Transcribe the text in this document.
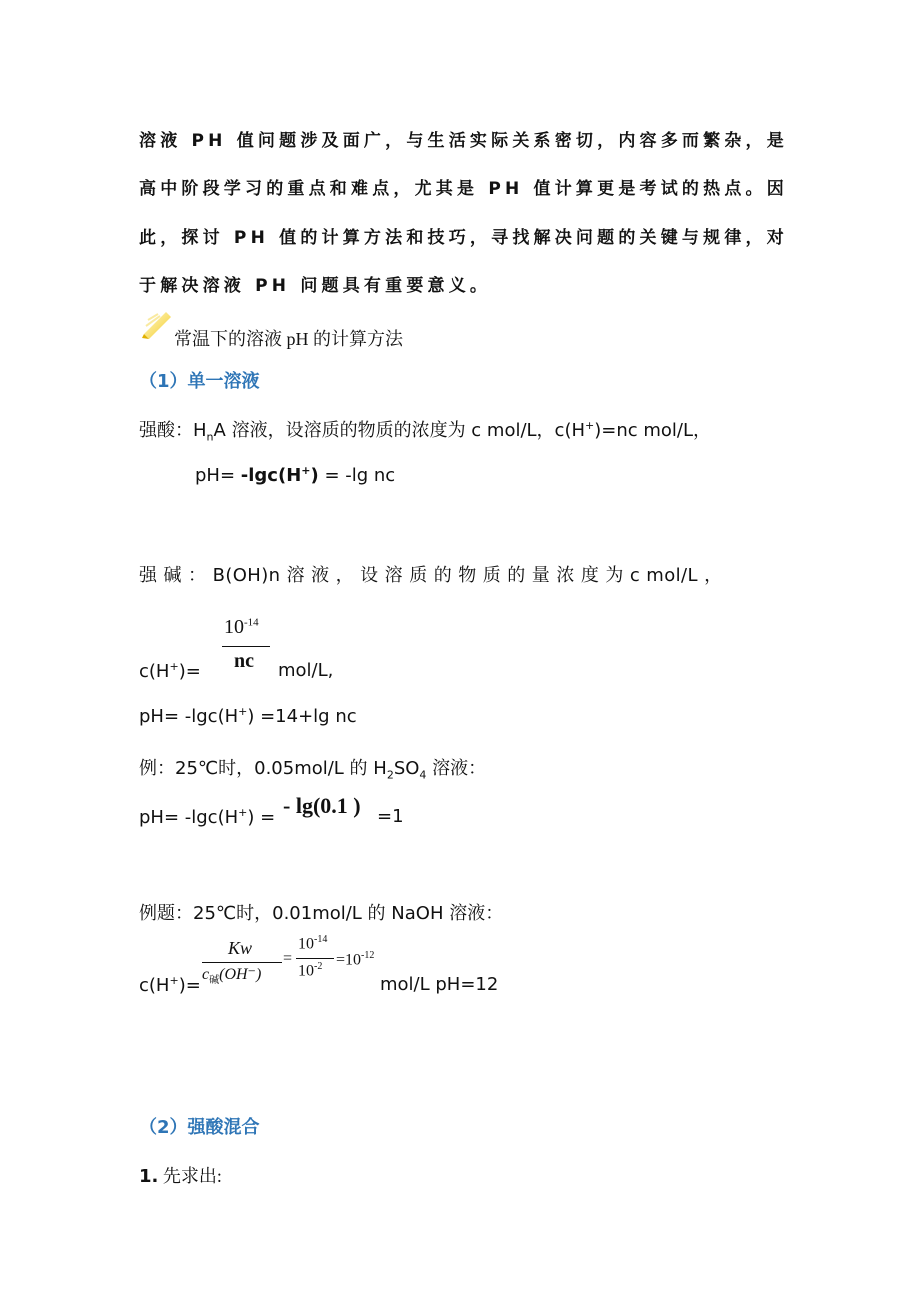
溶液 PH 值问题涉及面广，与生活实际关系密切，内容多而繁杂，是
高中阶段学习的重点和难点，尤其是 PH 值计算更是考试的热点。因
此，探讨 PH 值的计算方法和技巧，寻找解决问题的关键与规律，对
于解决溶液 PH 问题具有重要意义。
常温下的溶液 pH 的计算方法
（1）单一溶液
强酸：$H_nA$ 溶液，设溶质的物质的浓度为 c mol/L，c(H+)=nc mol/L，
pH= -lgc(H+) = -lg nc
强 碱 ： B(OH)n 溶 液 ， 设 溶 质 的 物 质 的 量 浓 度 为 c mol/L ，
$10^{-14}$
nc
c(H+)=	mol/L,
pH= -lgc(H+) =14+lg nc
例：25℃时，0.05mol/L 的 $H_2SO_4$ 溶液：
pH= -lgc(H+) = - lg(0.1 ) =1
例题：25℃时，0.01mol/L 的 NaOH 溶液：
c(H+)=
Kw
$c_碱(OH^-)$
=
$10^{-14}$
$10^{-2} =10^{-12}$
mol/L pH=12
（2）强酸混合
1. 先求出:
